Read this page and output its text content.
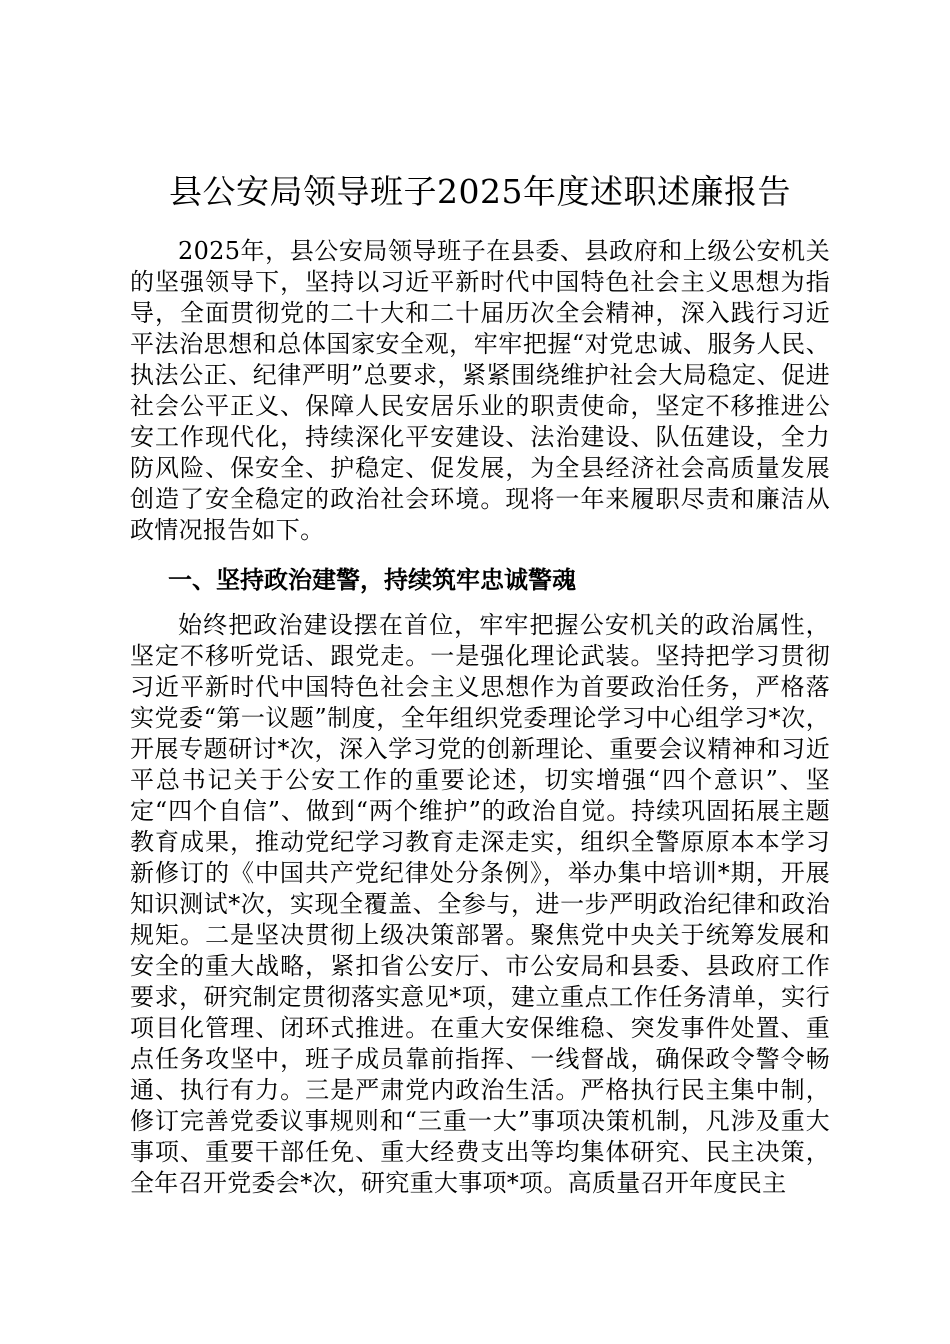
县公安局领导班子2025年度述职述廉报告

2025年，县公安局领导班子在县委、县政府和上级公安机关的坚强领导下，坚持以习近平新时代中国特色社会主义思想为指导，全面贯彻党的二十大和二十届历次全会精神，深入践行习近平法治思想和总体国家安全观，牢牢把握“对党忠诚、服务人民、执法公正、纪律严明”总要求，紧紧围绕维护社会大局稳定、促进社会公平正义、保障人民安居乐业的职责使命，坚定不移推进公安工作现代化，持续深化平安建设、法治建设、队伍建设，全力防风险、保安全、护稳定、促发展，为全县经济社会高质量发展创造了安全稳定的政治社会环境。现将一年来履职尽责和廉洁从政情况报告如下。

一、坚持政治建警，持续筑牢忠诚警魂

始终把政治建设摆在首位，牢牢把握公安机关的政治属性，坚定不移听党话、跟党走。一是强化理论武装。坚持把学习贯彻习近平新时代中国特色社会主义思想作为首要政治任务，严格落实党委“第一议题”制度，全年组织党委理论学习中心组学习*次，开展专题研讨*次，深入学习党的创新理论、重要会议精神和习近平总书记关于公安工作的重要论述，切实增强“四个意识”、坚定“四个自信”、做到“两个维护”的政治自觉。持续巩固拓展主题教育成果，推动党纪学习教育走深走实，组织全警原原本本学习新修订的《中国共产党纪律处分条例》，举办集中培训*期，开展知识测试*次，实现全覆盖、全参与，进一步严明政治纪律和政治规矩。二是坚决贯彻上级决策部署。聚焦党中央关于统筹发展和安全的重大战略，紧扣省公安厅、市公安局和县委、县政府工作要求，研究制定贯彻落实意见*项，建立重点工作任务清单，实行项目化管理、闭环式推进。在重大安保维稳、突发事件处置、重点任务攻坚中，班子成员靠前指挥、一线督战，确保政令警令畅通、执行有力。三是严肃党内政治生活。严格执行民主集中制，修订完善党委议事规则和“三重一大”事项决策机制，凡涉及重大事项、重要干部任免、重大经费支出等均集体研究、民主决策，全年召开党委会*次，研究重大事项*项。高质量召开年度民主
